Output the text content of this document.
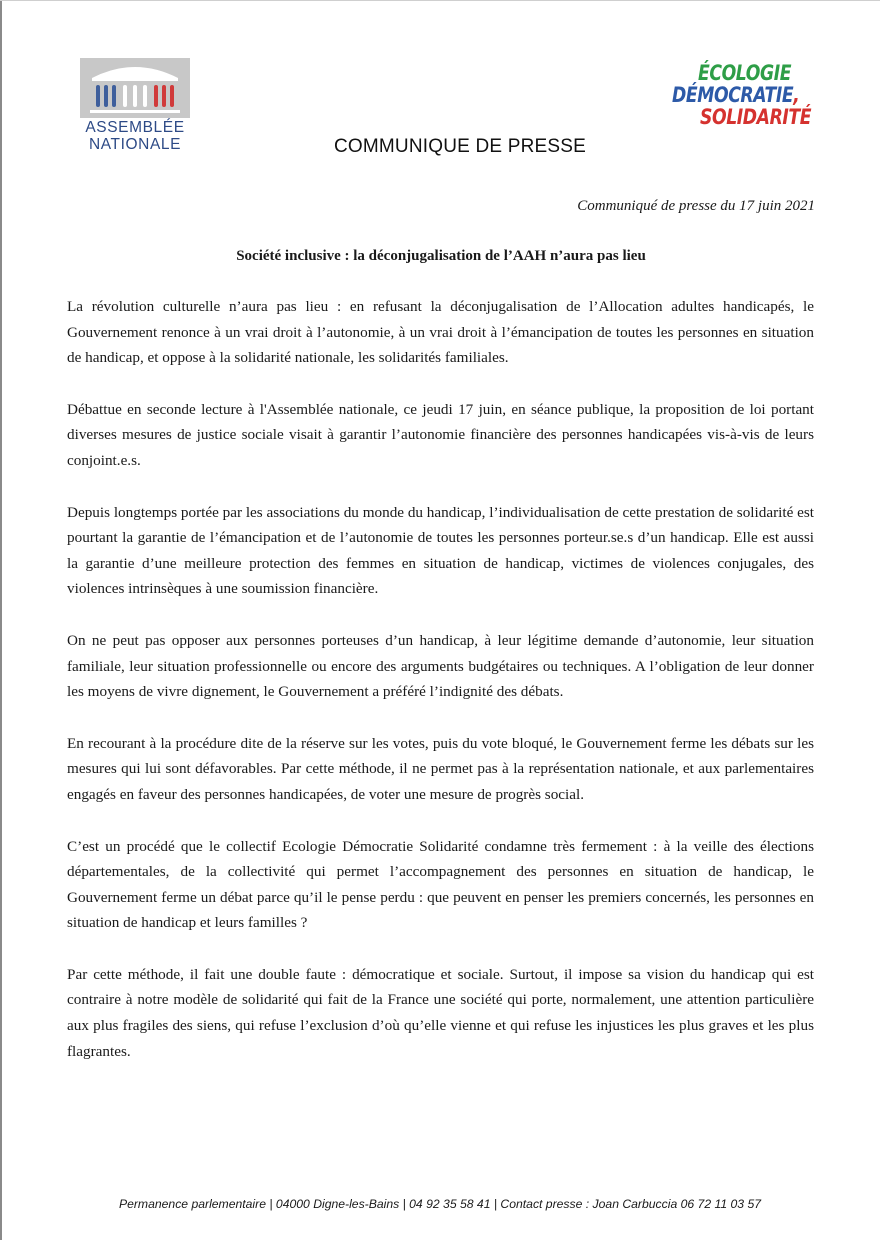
ASSEMBLÉE
NATIONALE
ÉCOLOGIE
DÉMOCRATIE,
SOLIDARITÉ
COMMUNIQUE DE PRESSE
Communiqué de presse du 17 juin 2021
Société inclusive : la déconjugalisation de l’AAH n’aura pas lieu

La révolution culturelle n’aura pas lieu : en refusant la déconjugalisation de l’Allocation adultes handicapés, le Gouvernement renonce à un vrai droit à l’autonomie, à un vrai droit à l’émancipation de toutes les personnes en situation de handicap, et oppose à la solidarité nationale, les solidarités familiales.

Débattue en seconde lecture à l'Assemblée nationale, ce jeudi 17 juin, en séance publique, la proposition de loi portant diverses mesures de justice sociale visait à garantir l’autonomie financière des personnes handicapées vis-à-vis de leurs conjoint.e.s.

Depuis longtemps portée par les associations du monde du handicap, l’individualisation de cette prestation de solidarité est pourtant la garantie de l’émancipation et de l’autonomie de toutes les personnes porteur.se.s d’un handicap. Elle est aussi la garantie d’une meilleure protection des femmes en situation de handicap, victimes de violences conjugales, des violences intrinsèques à une soumission financière.

On ne peut pas opposer aux personnes porteuses d’un handicap, à leur légitime demande d’autonomie, leur situation familiale, leur situation professionnelle ou encore des arguments budgétaires ou techniques. A l’obligation de leur donner les moyens de vivre dignement, le Gouvernement a préféré l’indignité des débats.

En recourant à la procédure dite de la réserve sur les votes, puis du vote bloqué, le Gouvernement ferme les débats sur les mesures qui lui sont défavorables. Par cette méthode, il ne permet pas à la représentation nationale, et aux parlementaires engagés en faveur des personnes handicapées, de voter une mesure de progrès social.

C’est un procédé que le collectif Ecologie Démocratie Solidarité condamne très fermement : à la veille des élections départementales, de la collectivité qui permet l’accompagnement des personnes en situation de handicap, le Gouvernement ferme un débat parce qu’il le pense perdu : que peuvent en penser les premiers concernés, les personnes en situation de handicap et leurs familles ?

Par cette méthode, il fait une double faute : démocratique et sociale. Surtout, il impose sa vision du handicap qui est contraire à notre modèle de solidarité qui fait de la France une société qui porte, normalement, une attention particulière aux plus fragiles des siens, qui refuse l’exclusion d’où qu’elle vienne et qui refuse les injustices les plus graves et les plus flagrantes.

Permanence parlementaire | 04000 Digne-les-Bains | 04 92 35 58 41 | Contact presse : Joan Carbuccia 06 72 11 03 57
